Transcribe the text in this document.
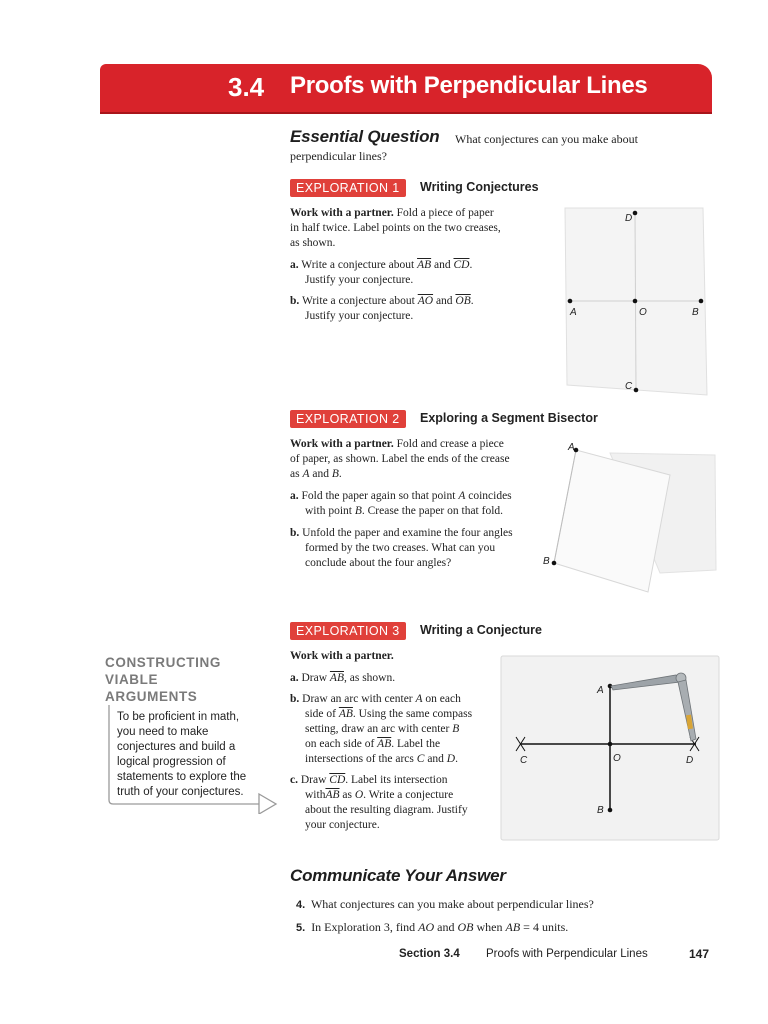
3.4 Proofs with Perpendicular Lines
Essential Question What conjectures can you make about
perpendicular lines?
EXPLORATION 1	Writing Conjectures
Work with a partner. Fold a piece of paper
in half twice. Label points on the two creases,
as shown.
a. Write a conjecture about $\overline{AB}$ and $\overline{CD}$.
Justify your conjecture.
b. Write a conjecture about $\overline{AO}$ and $\overline{OB}$.
Justify your conjecture.
D
A	O	B
C
EXPLORATION 2	Exploring a Segment Bisector
Work with a partner. Fold and crease a piece
of paper, as shown. Label the ends of the crease
as A and B.
a. Fold the paper again so that point A coincides
with point B. Crease the paper on that fold.
b. Unfold the paper and examine the four angles
formed by the two creases. What can you
conclude about the four angles?
A
B
CONSTRUCTING
VIABLE
ARGUMENTS
To be proficient in math,
you need to make
conjectures and build a
logical progression of
statements to explore the
truth of your conjectures.
EXPLORATION 3	Writing a Conjecture
Work with a partner.
a. Draw $\overline{AB}$, as shown.
b. Draw an arc with center A on each
side of $\overline{AB}$. Using the same compass
setting, draw an arc with center B
on each side of $\overline{AB}$. Label the
intersections of the arcs C and D.
c. Draw $\overline{CD}$. Label its intersection
$with\overline{AB}$ as O. Write a conjecture
about the resulting diagram. Justify
your conjecture.
A
O
B
C	D
Communicate Your Answer
4. What conjectures can you make about perpendicular lines?
5. In Exploration 3, find AO and OB when AB = 4 units.
Section 3.4 Proofs with Perpendicular Lines	147
